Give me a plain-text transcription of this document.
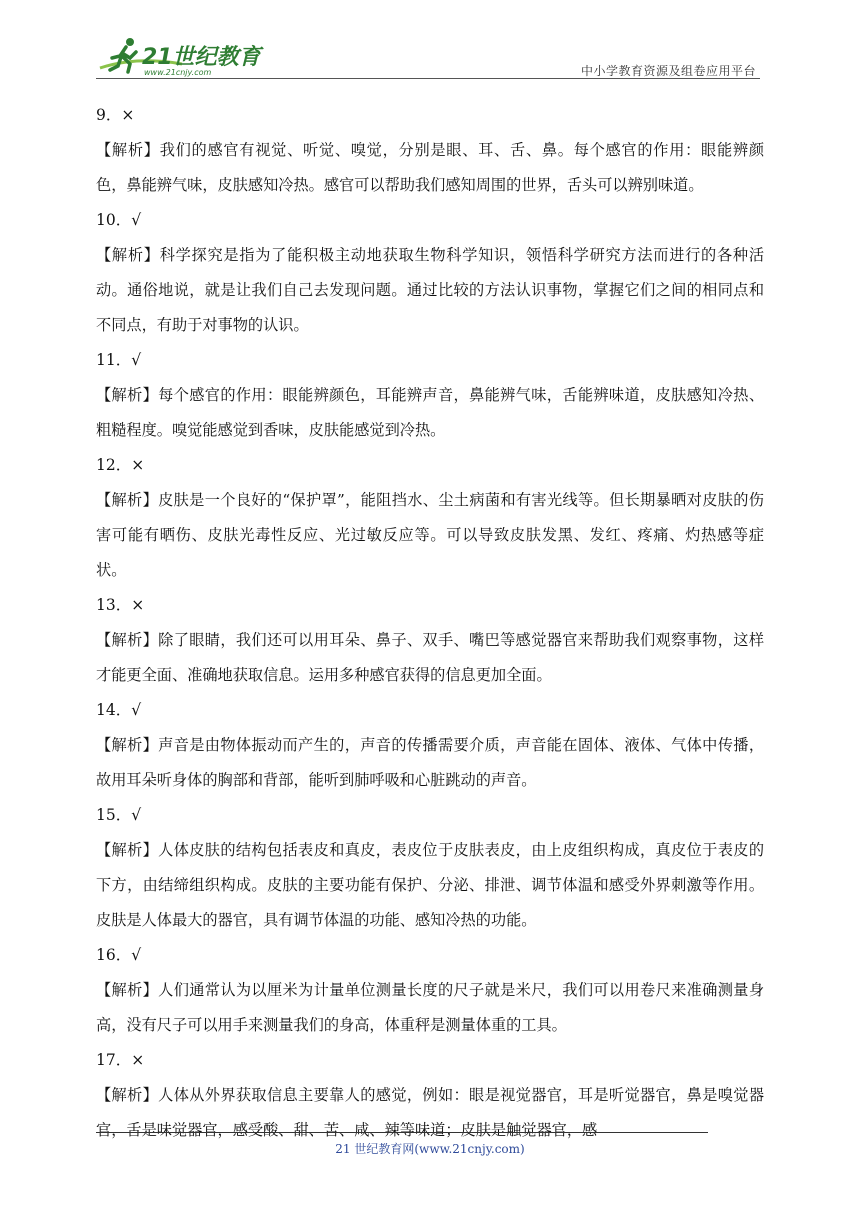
21世纪教育
www.21cnjy.com	中小学教育资源及组卷应用平台
9．×
【解析】我们的感官有视觉、听觉、嗅觉，分别是眼、耳、舌、鼻。每个感官的作用：眼能辨颜色，鼻能辨气味，皮肤感知冷热。感官可以帮助我们感知周围的世界，舌头可以辨别味道。
10．√
【解析】科学探究是指为了能积极主动地获取生物科学知识，领悟科学研究方法而进行的各种活动。通俗地说，就是让我们自己去发现问题。通过比较的方法认识事物，掌握它们之间的相同点和不同点，有助于对事物的认识。
11．√
【解析】每个感官的作用：眼能辨颜色，耳能辨声音，鼻能辨气味，舌能辨味道，皮肤感知冷热、粗糙程度。嗅觉能感觉到香味，皮肤能感觉到冷热。
12．×
【解析】皮肤是一个良好的“保护罩”，能阻挡水、尘土病菌和有害光线等。但长期暴晒对皮肤的伤害可能有晒伤、皮肤光毒性反应、光过敏反应等。可以导致皮肤发黑、发红、疼痛、灼热感等症状。
13．×
【解析】除了眼睛，我们还可以用耳朵、鼻子、双手、嘴巴等感觉器官来帮助我们观察事物，这样才能更全面、准确地获取信息。运用多种感官获得的信息更加全面。
14．√
【解析】声音是由物体振动而产生的，声音的传播需要介质，声音能在固体、液体、气体中传播，故用耳朵听身体的胸部和背部，能听到肺呼吸和心脏跳动的声音。
15．√
【解析】人体皮肤的结构包括表皮和真皮，表皮位于皮肤表皮，由上皮组织构成，真皮位于表皮的下方，由结缔组织构成。皮肤的主要功能有保护、分泌、排泄、调节体温和感受外界刺激等作用。皮肤是人体最大的器官，具有调节体温的功能、感知冷热的功能。
16．√
【解析】人们通常认为以厘米为计量单位测量长度的尺子就是米尺，我们可以用卷尺来准确测量身高，没有尺子可以用手来测量我们的身高，体重秤是测量体重的工具。
17．×
【解析】人体从外界获取信息主要靠人的感觉，例如：眼是视觉器官，耳是听觉器官，鼻是嗅觉器官，舌是味觉器官，感受酸、甜、苦、咸、辣等味道；皮肤是触觉器官，感
21 世纪教育网(www.21cnjy.com)
